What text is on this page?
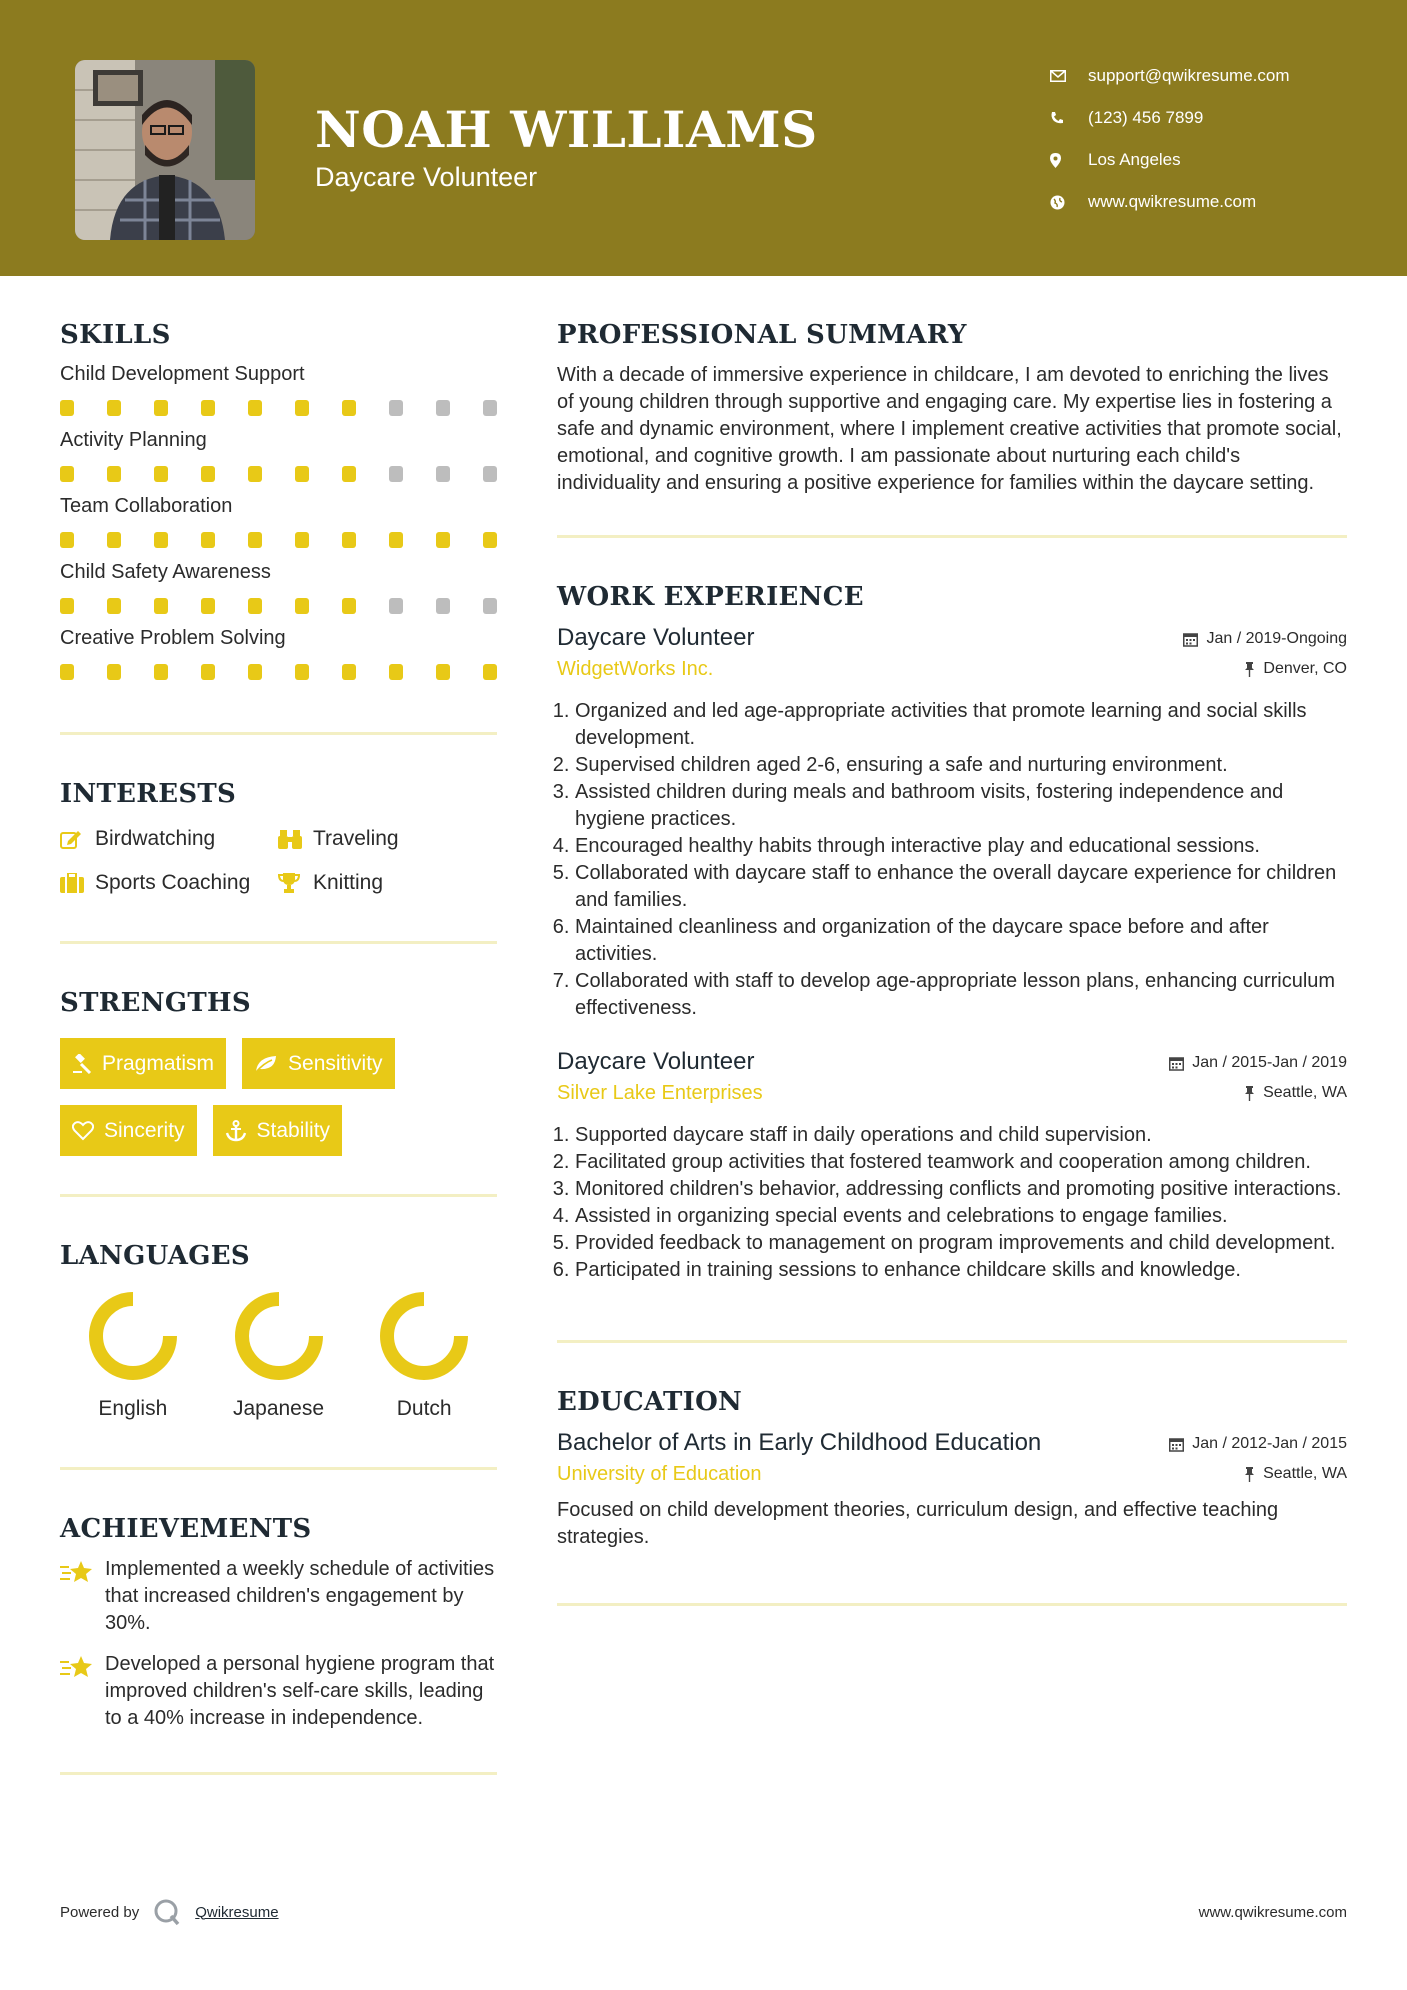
NOAH WILLIAMS
Daycare Volunteer
support@qwikresume.com
(123) 456 7899
Los Angeles
www.qwikresume.com
SKILLS
Child Development Support
Activity Planning
Team Collaboration
Child Safety Awareness
Creative Problem Solving
INTERESTS
Birdwatching	Traveling
Sports Coaching	Knitting
STRENGTHS
Pragmatism	Sensitivity
Sincerity	Stability
LANGUAGES
English	Japanese	Dutch
ACHIEVEMENTS
Implemented a weekly schedule of activities that increased children's engagement by 30%.
Developed a personal hygiene program that improved children's self-care skills, leading to a 40% increase in independence.
PROFESSIONAL SUMMARY
With a decade of immersive experience in childcare, I am devoted to enriching the lives of young children through supportive and engaging care. My expertise lies in fostering a safe and dynamic environment, where I implement creative activities that promote social, emotional, and cognitive growth. I am passionate about nurturing each child's individuality and ensuring a positive experience for families within the daycare setting.
WORK EXPERIENCE
Daycare Volunteer
WidgetWorks Inc.
Jan / 2019-Ongoing
Denver, CO
1. Organized and led age-appropriate activities that promote learning and social skills development.
2. Supervised children aged 2-6, ensuring a safe and nurturing environment.
3. Assisted children during meals and bathroom visits, fostering independence and hygiene practices.
4. Encouraged healthy habits through interactive play and educational sessions.
5. Collaborated with daycare staff to enhance the overall daycare experience for children and families.
6. Maintained cleanliness and organization of the daycare space before and after activities.
7. Collaborated with staff to develop age-appropriate lesson plans, enhancing curriculum effectiveness.
Daycare Volunteer
Silver Lake Enterprises
Jan / 2015-Jan / 2019
Seattle, WA
1. Supported daycare staff in daily operations and child supervision.
2. Facilitated group activities that fostered teamwork and cooperation among children.
3. Monitored children's behavior, addressing conflicts and promoting positive interactions.
4. Assisted in organizing special events and celebrations to engage families.
5. Provided feedback to management on program improvements and child development.
6. Participated in training sessions to enhance childcare skills and knowledge.
EDUCATION
Bachelor of Arts in Early Childhood Education
University of Education
Jan / 2012-Jan / 2015
Seattle, WA
Focused on child development theories, curriculum design, and effective teaching strategies.
Powered by	Qwikresume	www.qwikresume.com
